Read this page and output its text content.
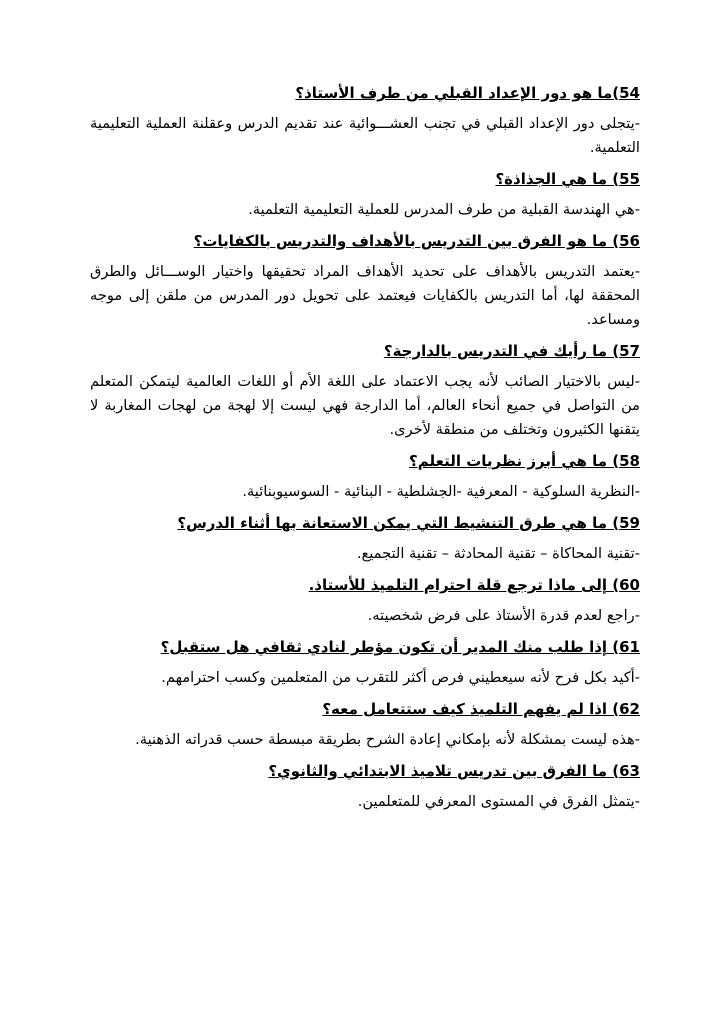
54)ما هو دور الإعداد القبلي من طرف الأستاذ؟

-يتجلى دور الإعداد القبلي في تجنب العشـــوائية عند تقديم الدرس وعقلنة العملية التعليمية التعلمية.

55) ما هي الجذاذة؟

-هي الهندسة القبلية من طرف المدرس للعملية التعليمية التعلمية.

56) ما هو الفرق بين التدريس بالأهداف والتدريس بالكفايات؟

-يعتمد التدريس بالأهداف على تحديد الأهداف المراد تحقيقها واختيار الوســـائل والطرق المحققة لها، أما التدريس بالكفايات فيعتمد على تحويل دور المدرس من ملقن إلى موجه ومساعد.

57) ما رأيك في التدريس بالدارجة؟

-ليس بالاختيار الصائب لأنه يجب الاعتماد على اللغة الأم أو اللغات العالمية ليتمكن المتعلم من التواصل في جميع أنحاء العالم، أما الدارجة فهي ليست إلا لهجة من لهجات المغاربة لا يتقنها الكثيرون وتختلف من منطقة لأخرى.

58) ما هي أبرز نظريات التعلم؟

-النظرية السلوكية - المعرفية -الجشلطية - البنائية - السوسيوبنائية.

59) ما هي طرق التنشيط التي يمكن الاستعانة بها أثناء الدرس؟

-تقنية المحاكاة – تقنية المحادثة – تقنية التجميع.

60) إلى ماذا ترجع قلة احترام التلميذ للأستاذ.

-راجع لعدم قدرة الأستاذ على فرض شخصيته.

61) إذا طلب منك المدير أن تكون مؤطر لنادي ثقافي هل ستقبل؟

-أكيد بكل فرح لأنه سيعطيني فرص أكثر للتقرب من المتعلمين وكسب احترامهم.

62) اذا لم يفهم التلميذ كيف ستتعامل معه؟

-هذه ليست بمشكلة لأنه بإمكاني إعادة الشرح بطريقة مبسطة حسب قدراته الذهنية.

63) ما الفرق بين تدريس تلاميذ الابتدائي والثانوي؟

-يتمثل الفرق في المستوى المعرفي للمتعلمين.
